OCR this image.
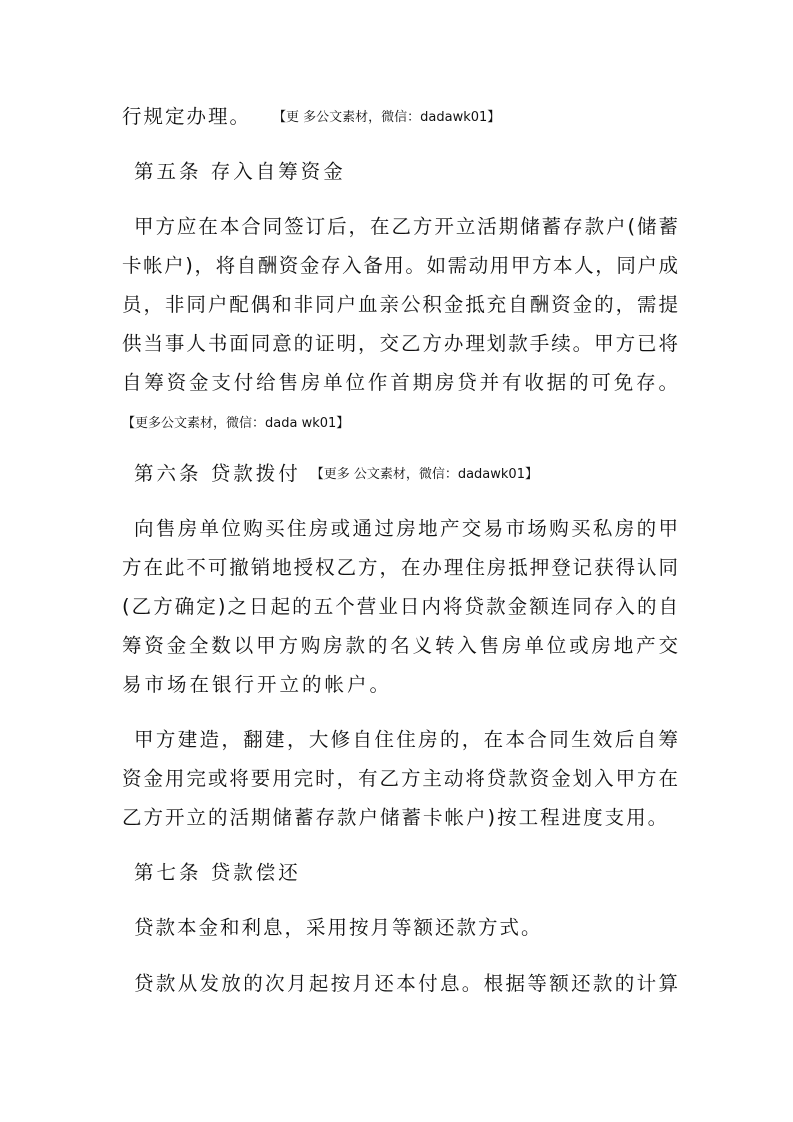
行规定办理。 【更 多公文素材，微信：dadawk01】
第五条 存入自筹资金
甲方应在本合同签订后，在乙方开立活期储蓄存款户(储蓄
卡帐户)，将自酬资金存入备用。如需动用甲方本人，同户成
员，非同户配偶和非同户血亲公积金抵充自酬资金的，需提
供当事人书面同意的证明，交乙方办理划款手续。甲方已将
自筹资金支付给售房单位作首期房贷并有收据的可免存。
【更多公文素材，微信：dada wk01】
第六条 贷款拨付 【更多 公文素材，微信：dadawk01】
向售房单位购买住房或通过房地产交易市场购买私房的甲
方在此不可撤销地授权乙方，在办理住房抵押登记获得认同
(乙方确定)之日起的五个营业日内将贷款金额连同存入的自
筹资金全数以甲方购房款的名义转入售房单位或房地产交
易市场在银行开立的帐户。
甲方建造，翻建，大修自住住房的，在本合同生效后自筹
资金用完或将要用完时，有乙方主动将贷款资金划入甲方在
乙方开立的活期储蓄存款户储蓄卡帐户)按工程进度支用。
第七条 贷款偿还
贷款本金和利息，采用按月等额还款方式。
贷款从发放的次月起按月还本付息。根据等额还款的计算
